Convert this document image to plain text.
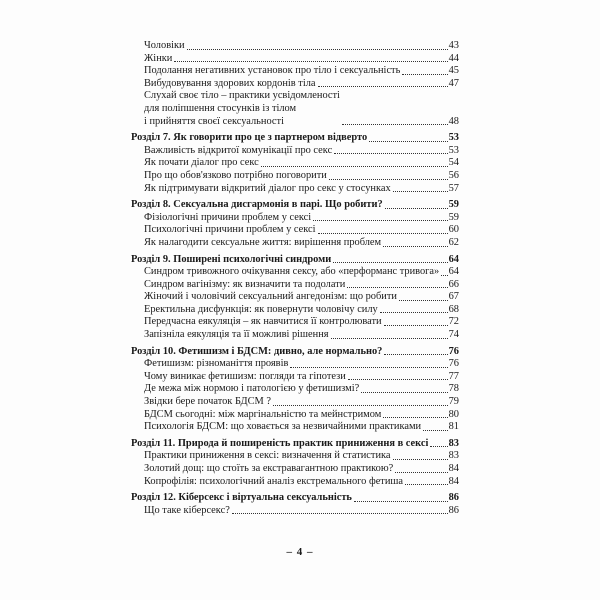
Чоловіки	43
Жінки	44
Подолання негативних установок про тіло і сексуальність	45
Вибудовування здорових кордонів тіла	47
Слухай своє тіло – практики усвідомленості
для поліпшення стосунків із тілом
і прийняття своєї сексуальності	48
Розділ 7. Як говорити про це з партнером відверто	53
Важливість відкритої комунікації про секс	53
Як почати діалог про секс	54
Про що обов'язково потрібно поговорити	56
Як підтримувати відкритий діалог про секс у стосунках	57
Розділ 8. Сексуальна дисгармонія в парі. Що робити?	59
Фізіологічні причини проблем у сексі	59
Психологічні причини проблем у сексі	60
Як налагодити сексуальне життя: вирішення проблем	62
Розділ 9. Поширені психологічні синдроми	64
Синдром тривожного очікування сексу, або «перформанс тривога» 64
Синдром вагінізму: як визначити та подолати	66
Жіночий і чоловічий сексуальний ангедонізм: що робити	67
Еректильна дисфункція: як повернути чоловічу силу	68
Передчасна еякуляція – як навчитися її контролювати	72
Запізніла еякуляція та її можливі рішення	74
Розділ 10. Фетишизм і БДСМ: дивно, але нормально?	76
Фетишизм: різноманіття проявів	76
Чому виникає фетишизм: погляди та гіпотези	77
Де межа між нормою і патологією у фетишизмі?	78
Звідки бере початок БДСМ ?	79
БДСМ сьогодні: між маргінальністю та мейнстримом	80
Психологія БДСМ: що ховається за незвичайними практиками	81
Розділ 11. Природа й поширеність практик приниження в сексі 83
Практики приниження в сексі: визначення й статистика	83
Золотий дощ: що стоїть за екстравагантною практикою?	84
Копрофілія: психологічний аналіз екстремального фетиша	84
Розділ 12. Кіберсекс і віртуальна сексуальність	86
Що таке кіберсекс?	86
– 4 –
